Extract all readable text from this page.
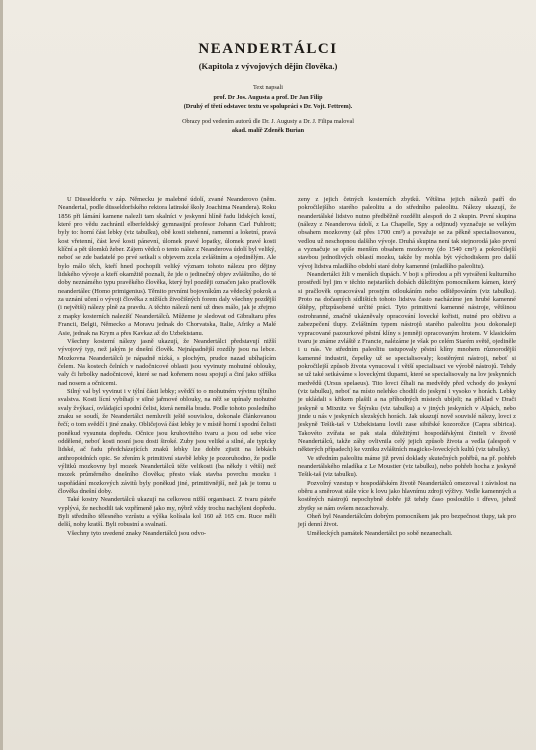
NEANDERTÁLCI
(Kapitola z vývojových dějin člověka.)
Text napsali
prof. Dr Jos. Augusta a prof. Dr Jan Filip
(Druhý ef třetí odstavec textu ve spolupráci s Dr. Vojt. Fettrem).
Obrazy pod vedením autorů dle Dr. J. Augusty a Dr. J. Filipa maloval
akad. malíř Zdeněk Burian

U Düsseldorfu v záp. Německu je malebné údolí, zvané Neanderovo (něm. Neandertal, podle düsseldorfského rektora latinské školy Joachima Neandera). Roku 1856 při lámání kamene nalezli tam skalníci v jeskynní hlíně řadu lidských kostí, které pro vědu zachránil elberfeldský gymnasijní profesor Johann Carl Fuhlrott; byly to: horní část lebky (viz tabulku), obě kosti stehenní, ramenní a loketní, pravá kost vřetenní, část levé kosti pánevní, úlomek pravé lopatky, úlomek pravé kosti klíční a pět úlomků žeber. Zájem vědců o tento nález z Neanderova údolí byl veliký, neboť se zde badatelé po prvé setkali s objevem zcela zvláštním a ojedinělým. Ale bylo málo těch, kteří hned pochopili veliký význam tohoto nálezu pro dějiny lidského vývoje a kteří okamžitě poznali, že jde o jedinečný objev zvláštního, do té doby neznámého typu pravěkého člověka, který byl později označen jako pračlověk neandertálec (Homo primigenius). Těmito prvními bojovníkům za vědecký pokrok a za uznání učení o vývoji člověka z nižších živočišných forem daly všechny pozdější (i největší) nálezy plně za pravdu. A těchto nálezů není už dnes málo, jak je zřejmo z mapky kosterních nalezišť Neandertálců. Můžeme je sledovat od Gibraltaru přes Francii, Belgii, Německo a Moravu jednak do Chorvatska, Italie, Afriky a Malé Asie, jednak na Krym a přes Kavkaz až do Uzbekistanu.

Všechny kosterní nálezy jasně ukazují, že Neandertálci představují nižší vývojový typ, než jakým je dnešní člověk. Nejnápadnější rozdíly jsou na lebce. Mozkovna Neandertálců je nápadně nízká, s plochým, prudce nazad ubíhajícím čelem. Na kostech čelních v nadočnicové oblasti jsou vyvinuty mohutné oblouky, valy či hrbolky nadočnicové, které se nad kořenem nosu spojují a činí jako stříška nad nosem a očnicemi.

Silný val byl vyvinut i v týlní části lebky; svědčí to o mohutném vývinu týlního svalstva. Kosti lícní vybíhají v silné jařmové oblouky, na něž se upínaly mohutné svaly žvýkací, ovládající spodní čelist, která neměla bradu. Podle tohoto posledního znaku se soudí, že Neandertálci nemluvili ještě souvislou, dokonale článkovanou řečí; o tom svědčí i jiné znaky. Obličejová část lebky je v místě horní i spodní čelisti poněkud vysunuta dopředu. Očnice jsou kruhovitého tvaru a jsou od sebe více oddělené, neboť kosti nosní jsou dosti široké. Zuby jsou veliké a silné, ale typicky lidské, ač řadu předcházejících znaků lebky lze dobře zjistit na lebkách anthropoidních opic. Se zřením k primitivní stavbě lebky je pozoruhodno, že podle výlitků mozkovny byl mozek Neandertálců téže velikosti (ba někdy i větší) než mozek průměrného dnešního člověka; přesto však stavba povrchu mozku i uspořádání mozkových závitů byly poněkud jiné, primitivnější, než jak je tomu u člověka dnešní doby.

Také kostry Neandertálců ukazují na celkovou nižší organisaci. Z tvaru páteře vyplývá, že nechodili tak vzpřímeně jako my, nýbrž vždy trochu nachýleni dopředu. Byli středního tělesného vzrůstu a výška kolísala kol 160 až 165 cm. Ruce měli delší, nohy kratší. Byli robustní a svalnatí.

Všechny tyto uvedené znaky Neandertálců jsou odvo-

zeny z jejich četných kosterních zbytků. Většina jejich nálezů patří do pokročilejšího starého paleolitu a do středního paleolitu. Nálezy ukazují, že neandertálské lidstvo nutno předběžně rozdělit alespoň do 2 skupin. První skupina (nálezy z Neanderova údolí, z La Chapelle, Spy a odjinud) vyznačuje se velkým obsahem mozkovny (až přes 1700 cm³) a považuje se za pěkně specialisovanou, vedlou už neschopnou dalšího vývoje. Druhá skupina není tak stejnorodá jako první a vyznačuje se spíše menším obsahem mozkovny (do 1540 cm³) a pokročilejší stavbou jednotlivých oblastí mozku, takže by mohla být východiskem pro další vývoj lidstva mladšího období staré doby kamenné (mladšího paleolitu).

Neandertálci žili v menších tlupách. V boji s přírodou a při vytváření kulturního prostředí byl jim v těchto nejstarších dobách důležitým pomocníkem kámen, který si pračlověk opracovával prostým otloukáním nebo odštěpováním (viz tabulku). Proto na dočasných sídlištích tohoto lidstva často nacházíme jen hrubé kamenné úštěpy, přizpůsobené určité práci. Tyto primitivní kamenné nástroje, většinou ostrohranné, značně ukázněvaly opracování lovecké kořisti, nutné pro obživu a zabezpečení tlupy. Zvláštním typem nástrojů starého paleolitu jsou dokonaleji vypracované pazourkové pěstní klíny s jemněji opracovaným hrotem. V klasickém tvaru je známe zvláště z Francie, nalézáme je však po celém Starém světě, ojediněle i u nás. Ve středním paleolitu ustupovaly pěstní klíny mnohem různorodější kamenné industrii, čepelky už se specialisovaly; kostěnými nástroji, neboť si pokročilejší způsob života vynucoval i větší specialisaci ve výrobě nástrojů. Tehdy se už také setkáváme s loveckými tlupami, které se specialisovaly na lov jeskynních medvědů (Ursus spelaeus). Tito lovci číhali na medvědy před vchody do jeskyní (viz tabulku), neboť na místo nelehko chodili do jeskyní i vysoko v horách. Lebky je ukládali s křikem plašili a na příhodných místech ubíjeli; na příklad v Drači jeskyně u Mixnitz ve Štýrsku (viz tabulku) a v jiných jeskyních v Alpách, nebo jinde u nás v jeskyních slezských horách. Jak ukazují nově souvislé nálezy, lovci z jeskyně Tešik-taš v Uzbekistanu lovili zase sibiřské kozorožce (Capra sibirica). Takovéto zvířata se pak stala důležitými hospodářskými činiteli v životě Neandertálců, takže záhy ovlivnila celý jejich způsob života a vedla (alespoň v některých případech) ke vzniku zvláštních magicko-loveckých kultů (viz tabulky).

Ve středním paleolitu máme již první doklady skutečných pohřbů, na př. pohřeb neandertálského mladíka z Le Moustier (viz tabulku), nebo pohřeb hocha z jeskyně Tešik-taš (viz tabulku).

Pozvolný vzestup v hospodářském životě Neandertálců omezoval i závislost na oběru a směrovat stále více k lovu jako hlavnímu zdroji výživy. Vedle kamenných a kostěných nástrojů nepochybně dobře již tehdy časo posloužilo i dřevo, jehož zbytky se nám ovšem nezachovaly.

Oheň byl Neandertálcům dobrým pomocníkem jak pro bezpečnost tlupy, tak pro její denní život.

Uměleckých památek Neandertálci po sobě nezanechali.
